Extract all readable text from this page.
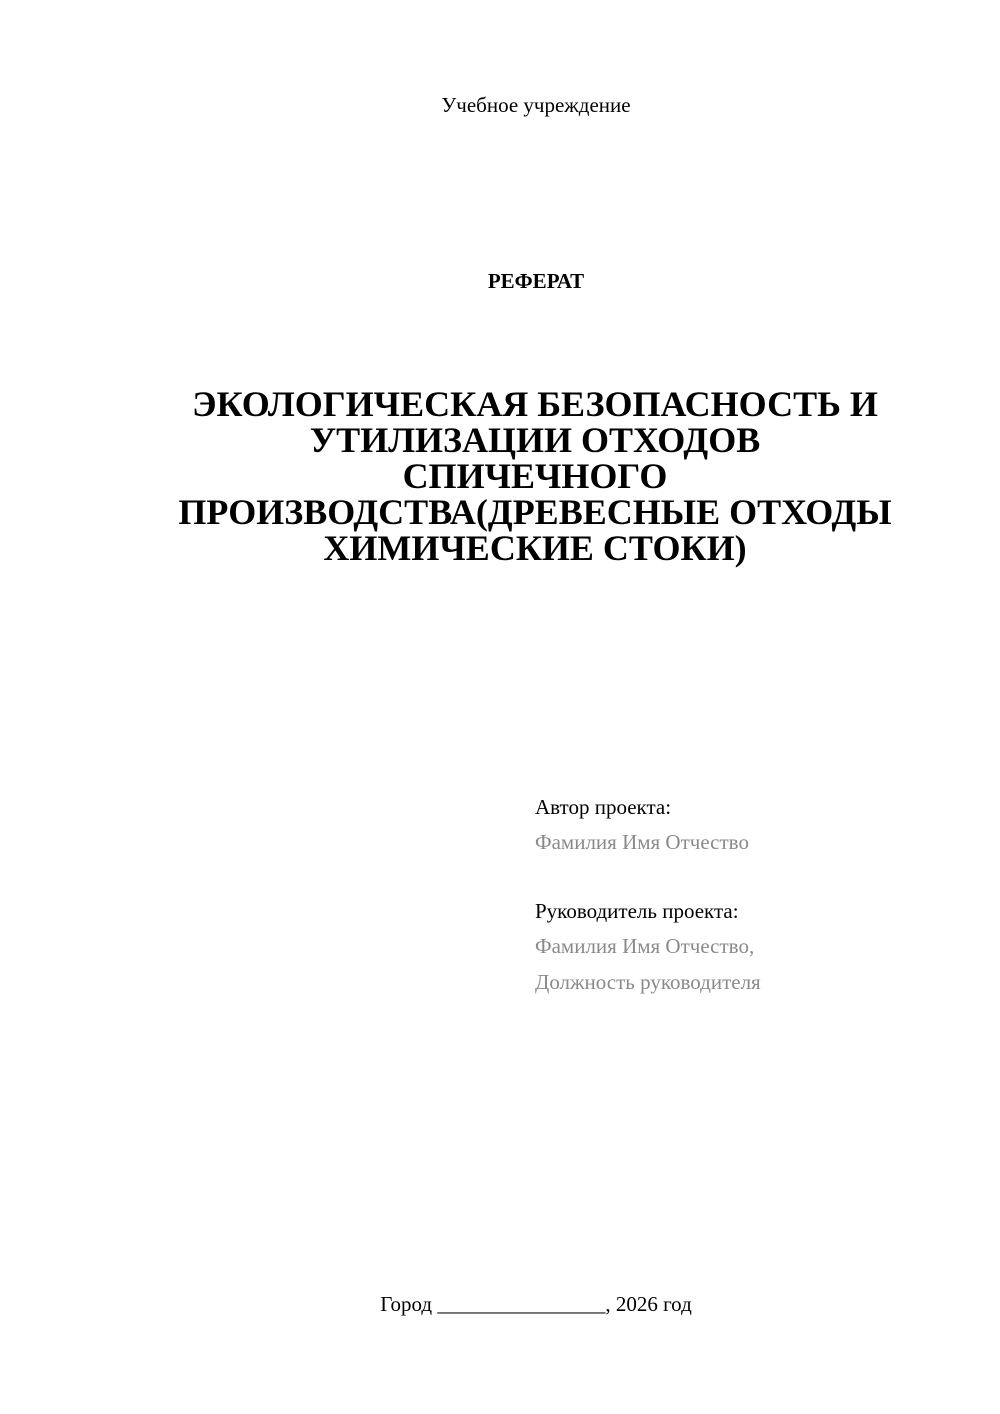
Учебное учреждение
РЕФЕРАТ
ЭКОЛОГИЧЕСКАЯ БЕЗОПАСНОСТЬ И
УТИЛИЗАЦИИ ОТХОДОВ
СПИЧЕЧНОГО
ПРОИЗВОДСТВА(ДРЕВЕСНЫЕ ОТХОДЫ
ХИМИЧЕСКИЕ СТОКИ)
Автор проекта:
Фамилия Имя Отчество
Руководитель проекта:
Фамилия Имя Отчество,
Должность руководителя
Город ________________, 2026 год
